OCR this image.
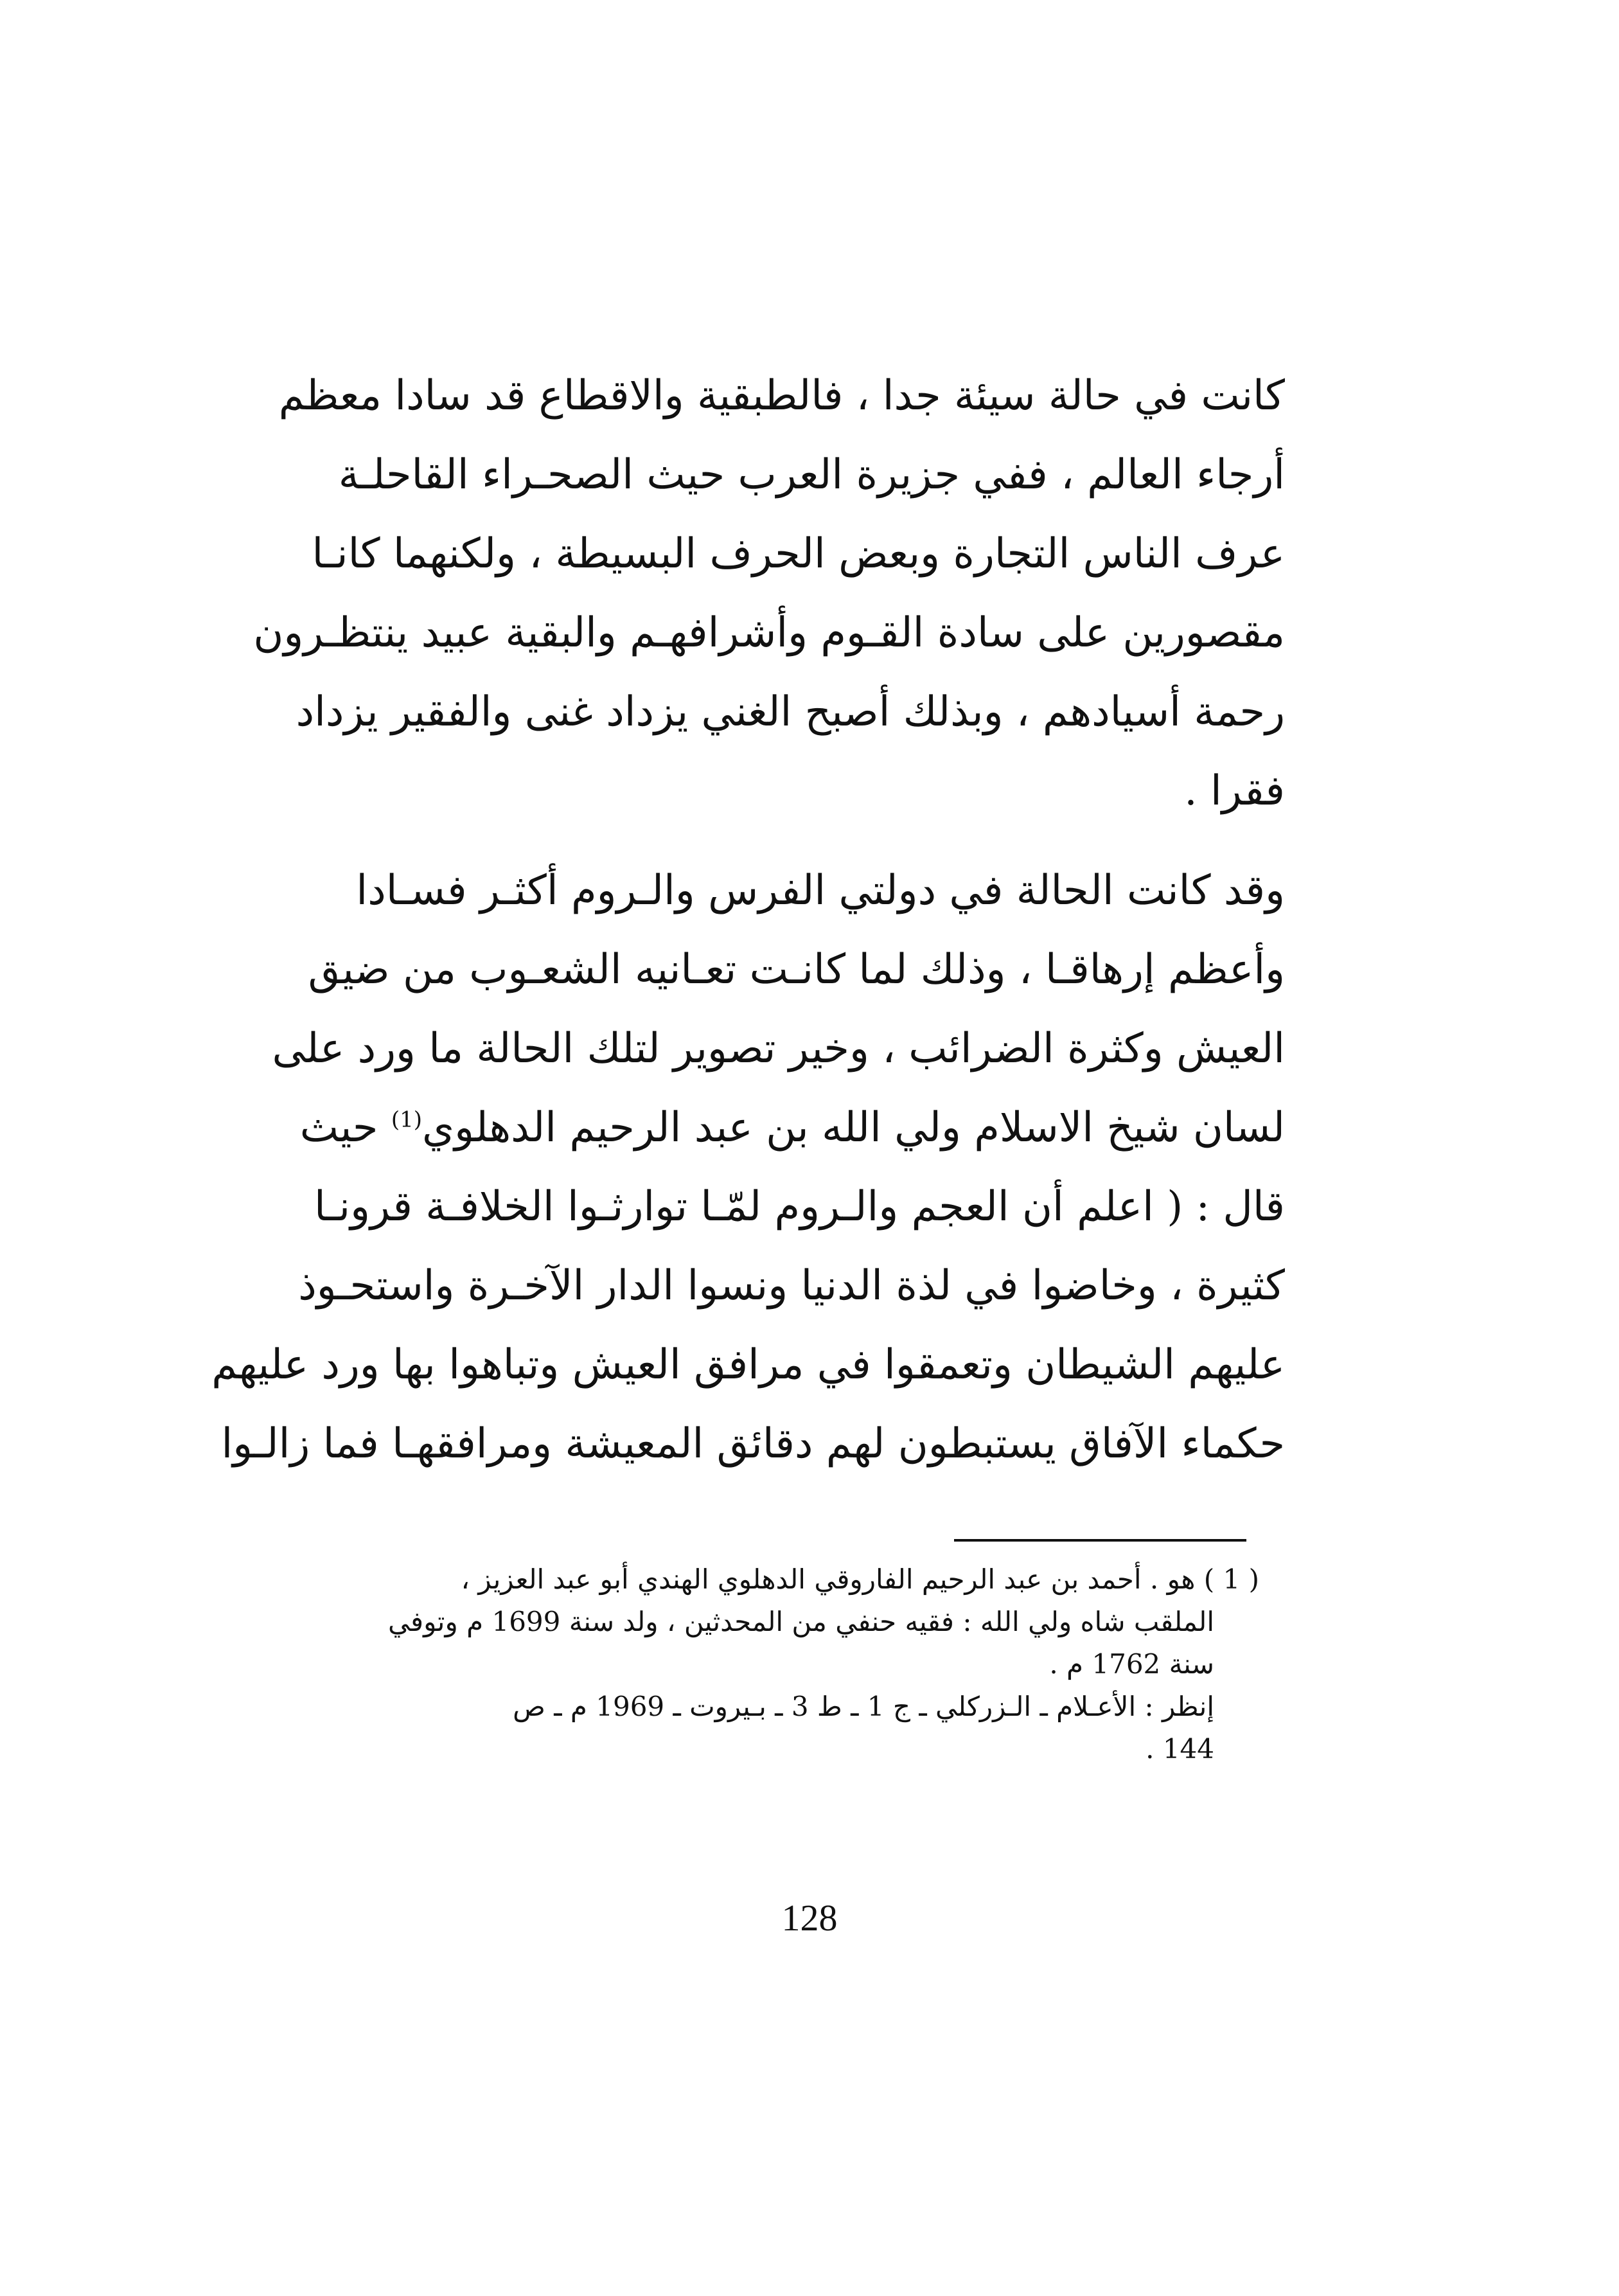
كانت في حالة سيئة جدا ، فالطبقية والاقطاع قد سادا معظم
أرجاء العالم ، ففي جزيرة العرب حيث الصحـراء القاحلـة
عرف الناس التجارة وبعض الحرف البسيطة ، ولكنهما كانـا
مقصورين على سادة القـوم وأشرافهـم والبقية عبيد ينتظـرون
رحمة أسيادهم ، وبذلك أصبح الغني يزداد غنى والفقير يزداد
فقرا .
وقد كانت الحالة في دولتي الفرس والـروم أكثـر فسـادا
وأعظم إرهاقـا ، وذلك لما كانـت تعـانيه الشعـوب من ضيق
العيش وكثرة الضرائب ، وخير تصوير لتلك الحالة ما ورد على
لسان شيخ الاسلام ولي الله بن عبد الرحيم الدهلوي$^{(1)}$ حيث
قال : ( اعلم أن العجم والـروم لمّـا توارثـوا الخلافـة قرونـا
كثيرة ، وخاضوا في لذة الدنيا ونسوا الدار الآخـرة واستحـوذ
عليهم الشيطان وتعمقوا في مرافق العيش وتباهوا بها ورد عليهم
حكماء الآفاق يستبطون لهم دقائق المعيشة ومرافقهـا فما زالـوا
( 1 ) هو . أحمد بن عبد الرحيم الفاروقي الدهلوي الهندي أبو عبد العزيز ،
الملقب شاه ولي الله : فقيه حنفي من المحدثين ، ولد سنة 1699 م وتوفي
سنة 1762 م .
إنظر : الأعـلام ـ الـزركلي ـ ج 1 ـ ط 3 ـ بـيروت ـ 1969 م ـ ص
144 .
128
